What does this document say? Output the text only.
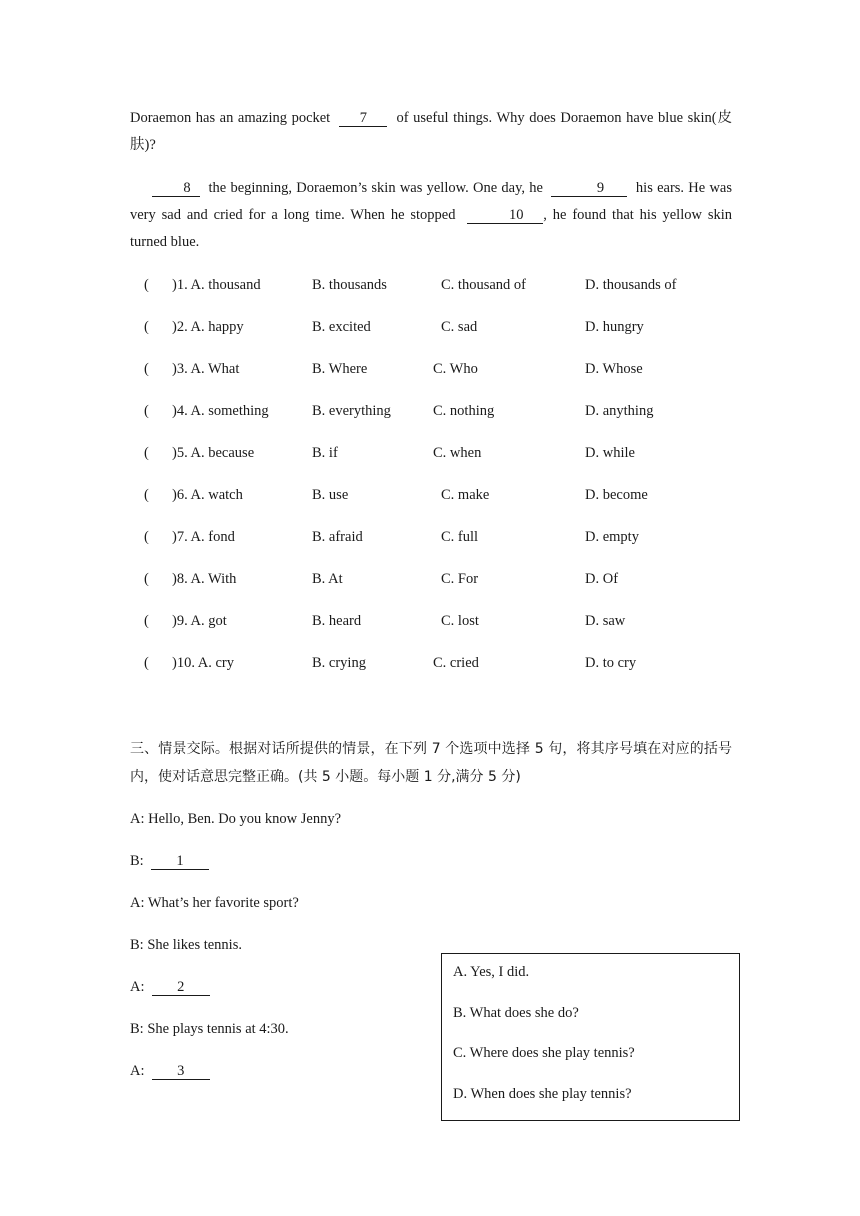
Doraemon has an amazing pocket 7 of useful things. Why does Doraemon have blue skin(皮肤)?
8 the beginning, Doraemon’s skin was yellow. One day, he	9 his ears. He was very sad and cried for a long time. When he stopped	10 , he found that his yellow skin turned blue.
( )1. A. thousand	B. thousands	C. thousand of	D. thousands of
( )2. A. happy	B. excited	C. sad	D. hungry
( )3. A. What	B. Where	C. Who	D. Whose
( )4. A. something	B. everything	C. nothing	D. anything
( )5. A. because	B. if	C. when	D. while
( )6. A. watch	B. use	C. make	D. become
( )7. A. fond	B. afraid	C. full	D. empty
( )8. A. With	B. At	C. For	D. Of
( )9. A. got	B. heard	C. lost	D. saw
( )10. A. cry	B. crying	C. cried	D. to cry
三、情景交际。根据对话所提供的情景，在下列 7 个选项中选择 5 句，将其序号填在对应的括号内，使对话意思完整正确。(共 5 小题。每小题 1 分,满分 5 分)
A: Hello, Ben. Do you know Jenny?
B: 1
A: What’s her favorite sport?
B: She likes tennis.
A: 2
B: She plays tennis at 4:30.
A: 3
A. Yes, I did.
B. What does she do?
C. Where does she play tennis?
D. When does she play tennis?
